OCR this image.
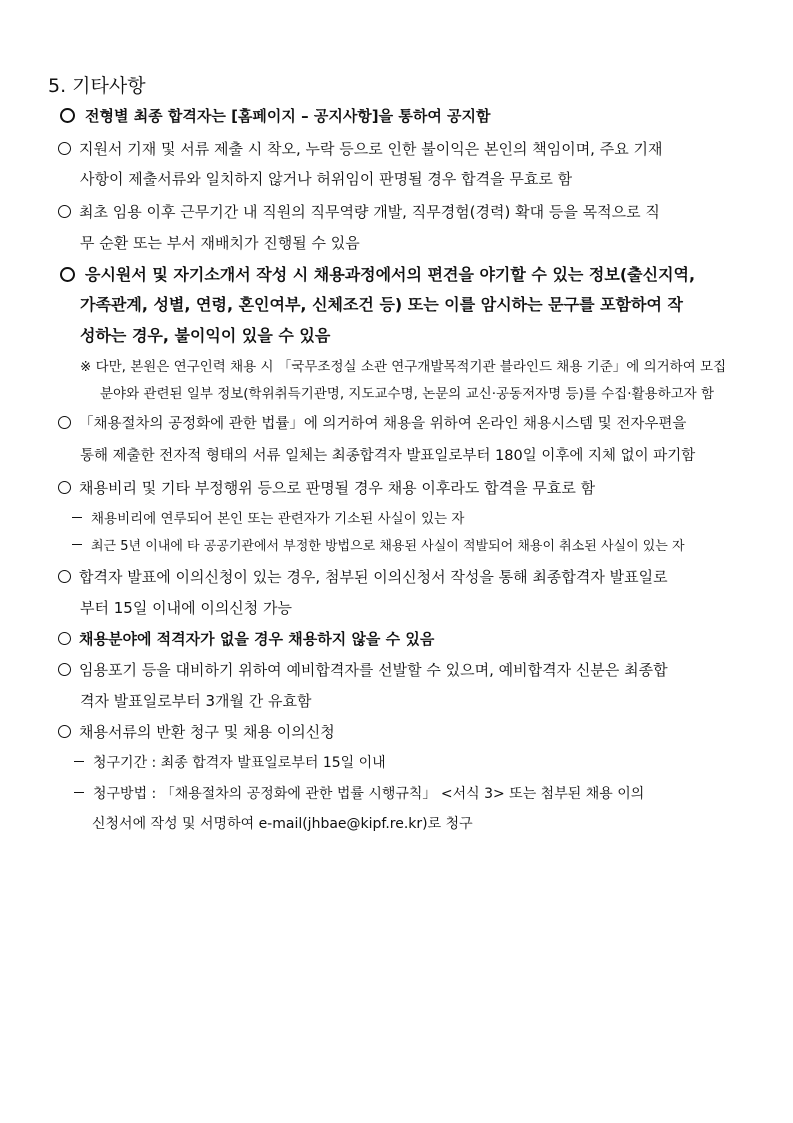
5. 기타사항
전형별 최종 합격자는 [홈페이지 – 공지사항]을 통하여 공지함
지원서 기재 및 서류 제출 시 착오, 누락 등으로 인한 불이익은 본인의 책임이며, 주요 기재
사항이 제출서류와 일치하지 않거나 허위임이 판명될 경우 합격을 무효로 함
최초 임용 이후 근무기간 내 직원의 직무역량 개발, 직무경험(경력) 확대 등을 목적으로 직
무 순환 또는 부서 재배치가 진행될 수 있음
응시원서 및 자기소개서 작성 시 채용과정에서의 편견을 야기할 수 있는 정보(출신지역,
가족관계, 성별, 연령, 혼인여부, 신체조건 등) 또는 이를 암시하는 문구를 포함하여 작
성하는 경우, 불이익이 있을 수 있음
※ 다만, 본원은 연구인력 채용 시 「국무조정실 소관 연구개발목적기관 블라인드 채용 기준」에 의거하여 모집
분야와 관련된 일부 정보(학위취득기관명, 지도교수명, 논문의 교신·공동저자명 등)를 수집·활용하고자 함
「채용절차의 공정화에 관한 법률」에 의거하여 채용을 위하여 온라인 채용시스템 및 전자우편을
통해 제출한 전자적 형태의 서류 일체는 최종합격자 발표일로부터 180일 이후에 지체 없이 파기함
채용비리 및 기타 부정행위 등으로 판명될 경우 채용 이후라도 합격을 무효로 함
채용비리에 연루되어 본인 또는 관련자가 기소된 사실이 있는 자
최근 5년 이내에 타 공공기관에서 부정한 방법으로 채용된 사실이 적발되어 채용이 취소된 사실이 있는 자
합격자 발표에 이의신청이 있는 경우, 첨부된 이의신청서 작성을 통해 최종합격자 발표일로
부터 15일 이내에 이의신청 가능
채용분야에 적격자가 없을 경우 채용하지 않을 수 있음
임용포기 등을 대비하기 위하여 예비합격자를 선발할 수 있으며, 예비합격자 신분은 최종합
격자 발표일로부터 3개월 간 유효함
채용서류의 반환 청구 및 채용 이의신청
청구기간 : 최종 합격자 발표일로부터 15일 이내
청구방법 : 「채용절차의 공정화에 관한 법률 시행규칙」 <서식 3> 또는 첨부된 채용 이의
신청서에 작성 및 서명하여 e-mail(jhbae@kipf.re.kr)로 청구
